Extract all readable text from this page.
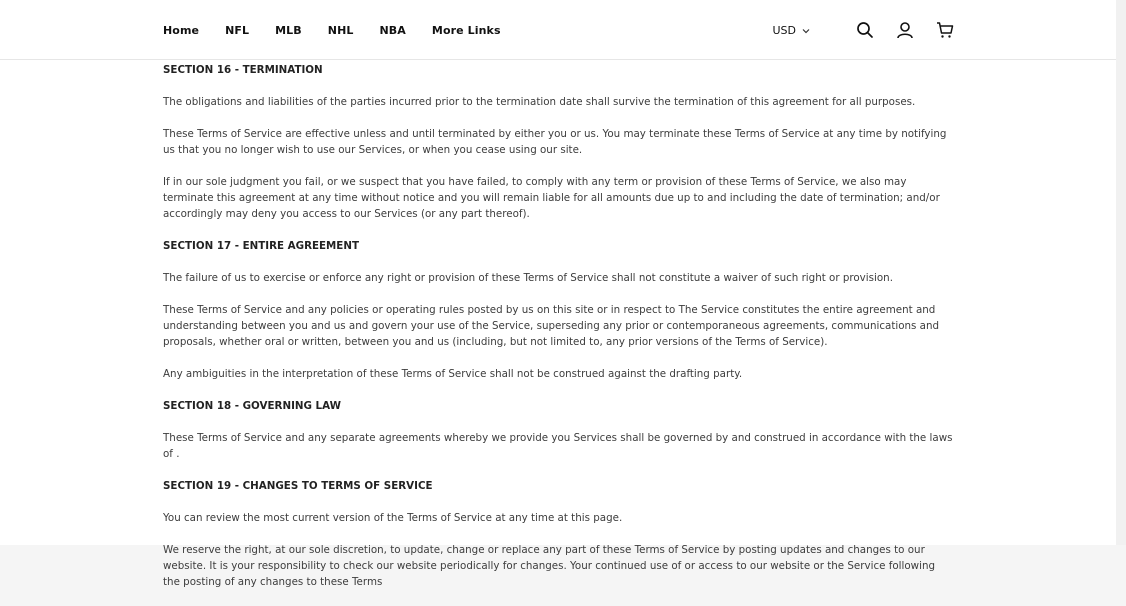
Home NFL MLB NHL NBA More Links	USD
SECTION 16 - TERMINATION

The obligations and liabilities of the parties incurred prior to the termination date shall survive the termination of this agreement for all purposes.

These Terms of Service are effective unless and until terminated by either you or us. You may terminate these Terms of Service at any time by notifying us that you no longer wish to use our Services, or when you cease using our site.

If in our sole judgment you fail, or we suspect that you have failed, to comply with any term or provision of these Terms of Service, we also may terminate this agreement at any time without notice and you will remain liable for all amounts due up to and including the date of termination; and/or accordingly may deny you access to our Services (or any part thereof).

SECTION 17 - ENTIRE AGREEMENT

The failure of us to exercise or enforce any right or provision of these Terms of Service shall not constitute a waiver of such right or provision.

These Terms of Service and any policies or operating rules posted by us on this site or in respect to The Service constitutes the entire agreement and understanding between you and us and govern your use of the Service, superseding any prior or contemporaneous agreements, communications and proposals, whether oral or written, between you and us (including, but not limited to, any prior versions of the Terms of Service).

Any ambiguities in the interpretation of these Terms of Service shall not be construed against the drafting party.

SECTION 18 - GOVERNING LAW

These Terms of Service and any separate agreements whereby we provide you Services shall be governed by and construed in accordance with the laws of .

SECTION 19 - CHANGES TO TERMS OF SERVICE

You can review the most current version of the Terms of Service at any time at this page.

We reserve the right, at our sole discretion, to update, change or replace any part of these Terms of Service by posting updates and changes to our website. It is your responsibility to check our website periodically for changes. Your continued use of or access to our website or the Service following the posting of any changes to these Terms
